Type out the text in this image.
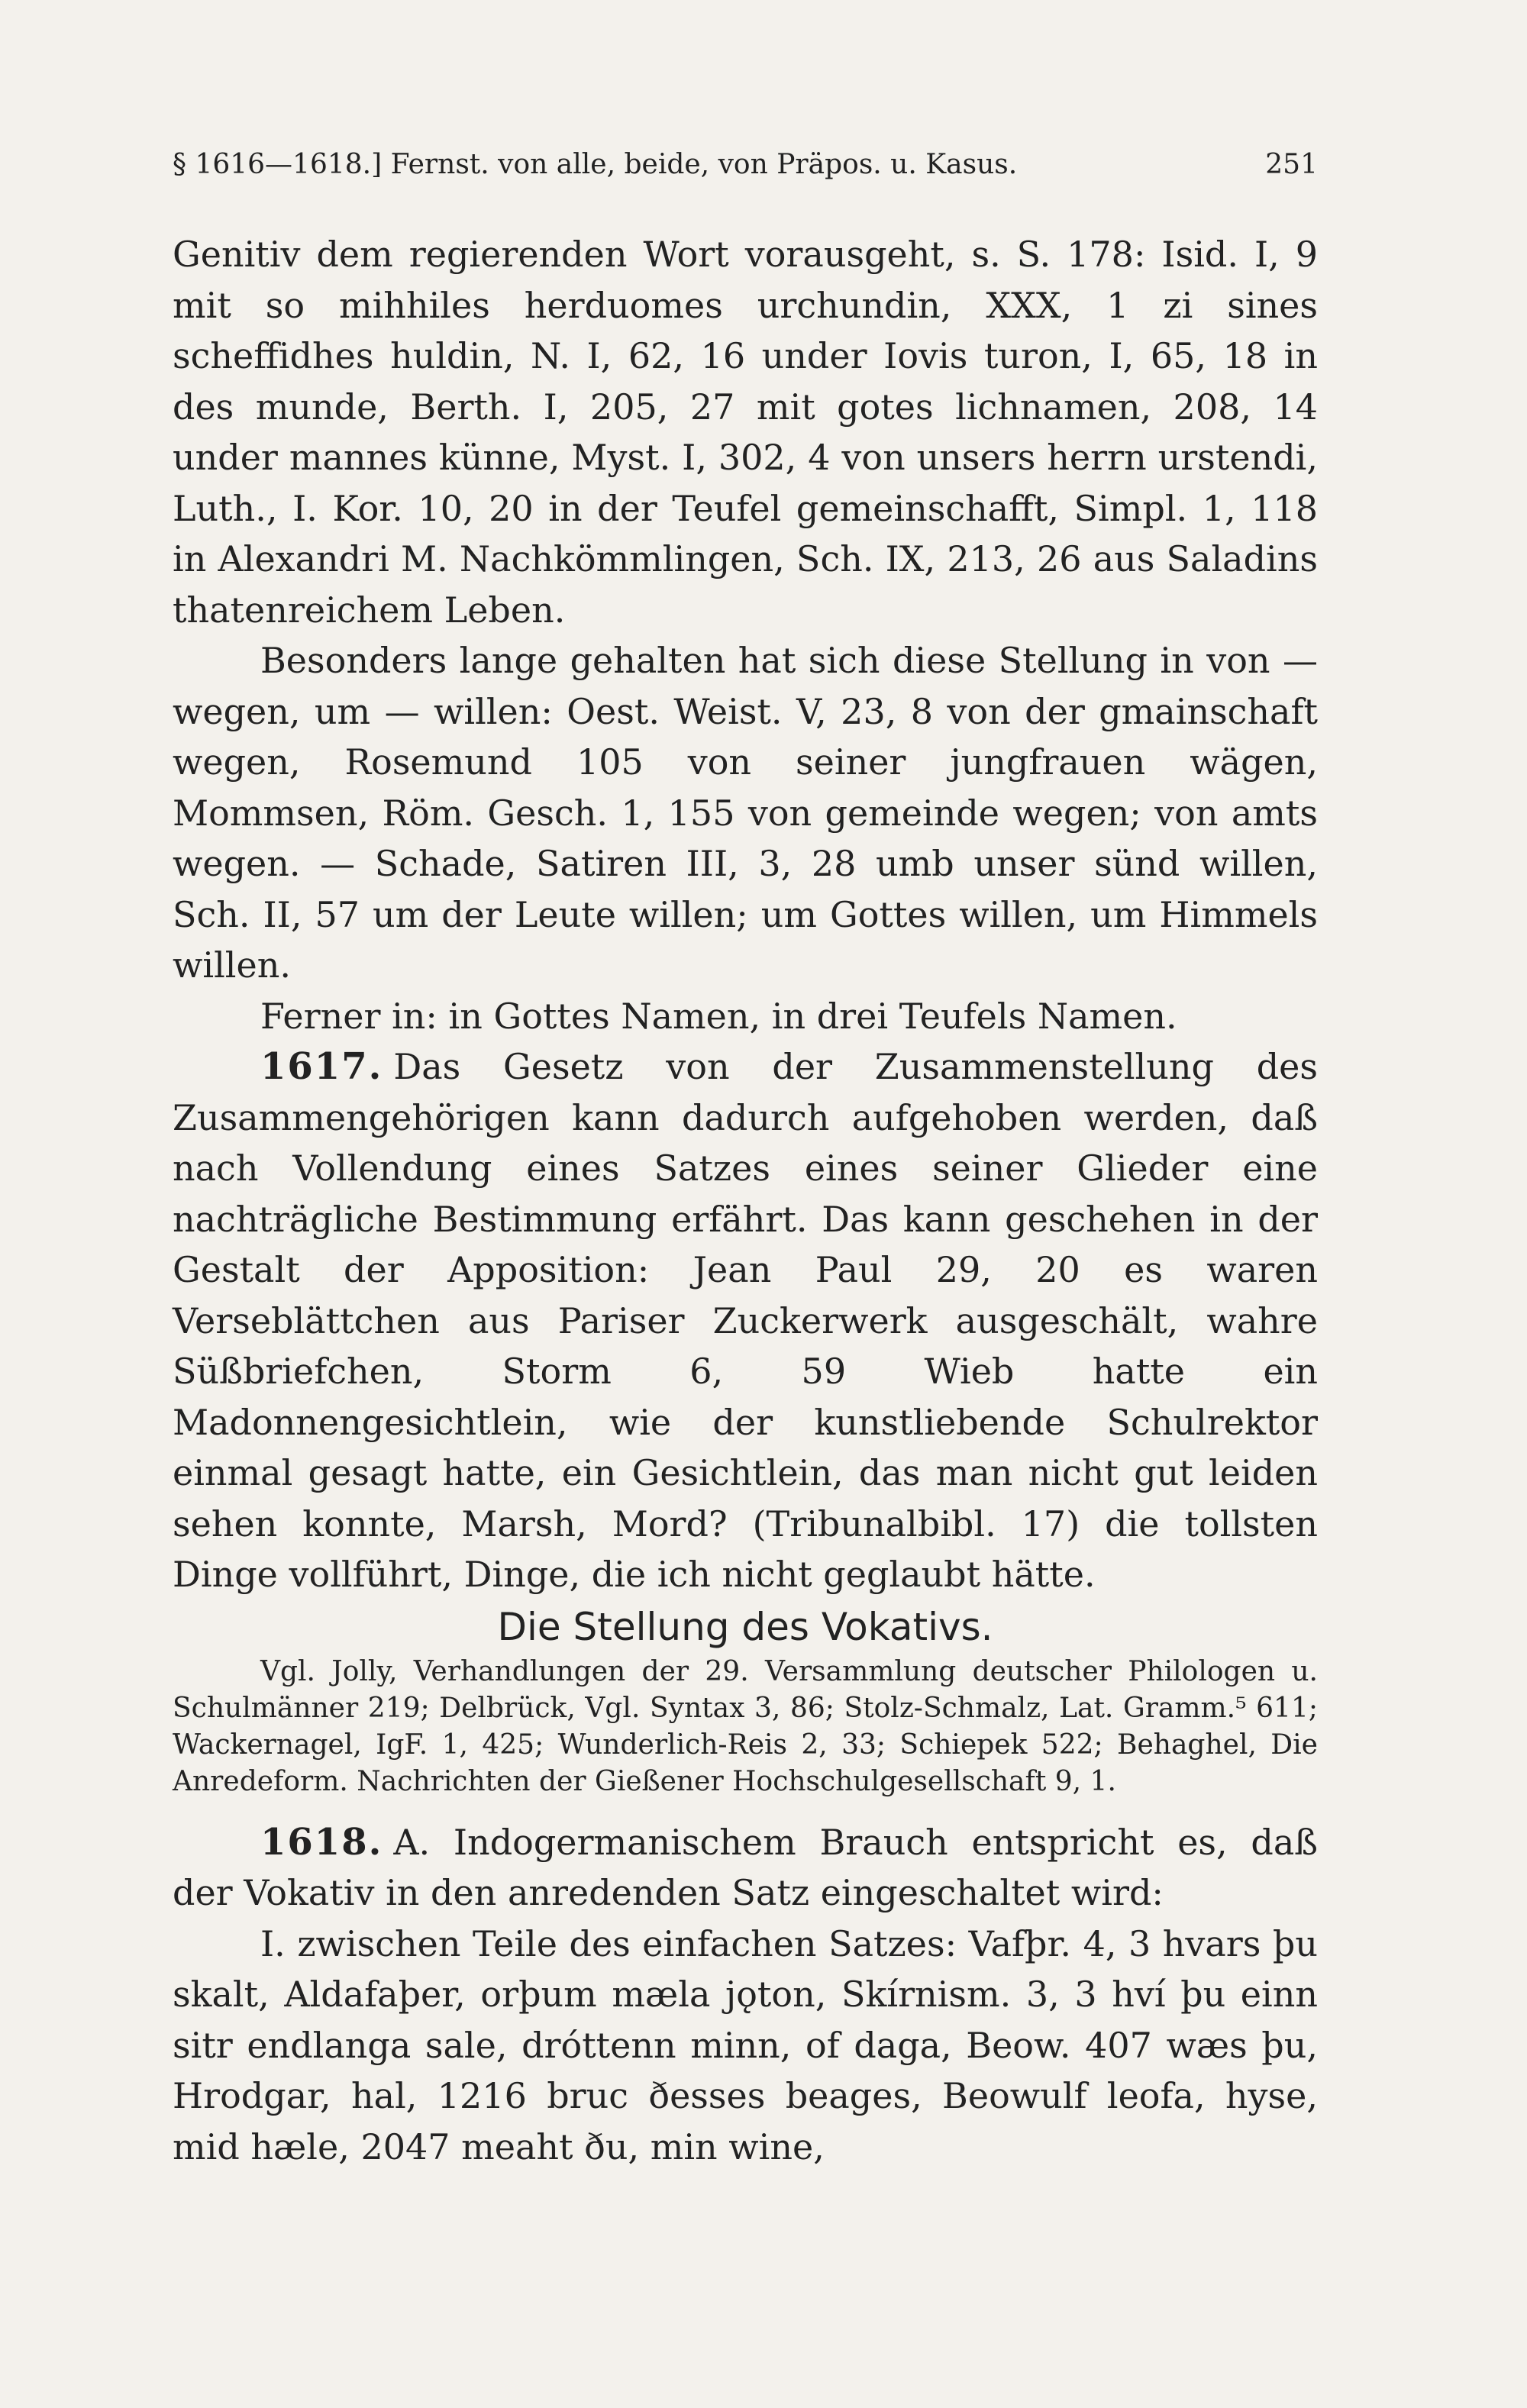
§ 1616—1618.] Fernst. von alle, beide, von Präpos. u. Kasus.	251

Genitiv dem regierenden Wort vorausgeht, s. S. 178: Isid. I, 9 mit so mihhiles herduomes urchundin, XXX, 1 zi sines scheffidhes huldin, N. I, 62, 16 under Iovis turon, I, 65, 18 in des munde, Berth. I, 205, 27 mit gotes lichnamen, 208, 14 under mannes künne, Myst. I, 302, 4 von unsers herrn urstendi, Luth., I. Kor. 10, 20 in der Teufel gemeinschafft, Simpl. 1, 118 in Alexandri M. Nachkömmlingen, Sch. IX, 213, 26 aus Saladins thatenreichem Leben.

Besonders lange gehalten hat sich diese Stellung in von — wegen, um — willen: Oest. Weist. V, 23, 8 von der gmainschaft wegen, Rosemund 105 von seiner jungfrauen wägen, Mommsen, Röm. Gesch. 1, 155 von gemeinde wegen; von amts wegen. — Schade, Satiren III, 3, 28 umb unser sünd willen, Sch. II, 57 um der Leute willen; um Gottes willen, um Himmels willen.

Ferner in: in Gottes Namen, in drei Teufels Namen.

1617. Das Gesetz von der Zusammenstellung des Zusammengehörigen kann dadurch aufgehoben werden, daß nach Vollendung eines Satzes eines seiner Glieder eine nachträgliche Bestimmung erfährt. Das kann geschehen in der Gestalt der Apposition: Jean Paul 29, 20 es waren Verseblättchen aus Pariser Zuckerwerk ausgeschält, wahre Süßbriefchen, Storm 6, 59 Wieb hatte ein Madonnengesichtlein, wie der kunstliebende Schulrektor einmal gesagt hatte, ein Gesichtlein, das man nicht gut leiden sehen konnte, Marsh, Mord? (Tribunalbibl. 17) die tollsten Dinge vollführt, Dinge, die ich nicht geglaubt hätte.

Die Stellung des Vokativs.

Vgl. Jolly, Verhandlungen der 29. Versammlung deutscher Philologen u. Schulmänner 219; Delbrück, Vgl. Syntax 3, 86; Stolz-Schmalz, Lat. Gramm.⁵ 611; Wackernagel, IgF. 1, 425; Wunderlich-Reis 2, 33; Schiepek 522; Behaghel, Die Anredeform. Nachrichten der Gießener Hochschulgesellschaft 9, 1.

1618. A. Indogermanischem Brauch entspricht es, daß der Vokativ in den anredenden Satz eingeschaltet wird:

I. zwischen Teile des einfachen Satzes: Vafþr. 4, 3 hvars þu skalt, Aldafaþer, orþum mæla jǫton, Skírnism. 3, 3 hví þu einn sitr endlanga sale, dróttenn minn, of daga, Beow. 407 wæs þu, Hrodgar, hal, 1216 bruc ðesses beages, Beowulf leofa, hyse, mid hæle, 2047 meaht ðu, min wine,
